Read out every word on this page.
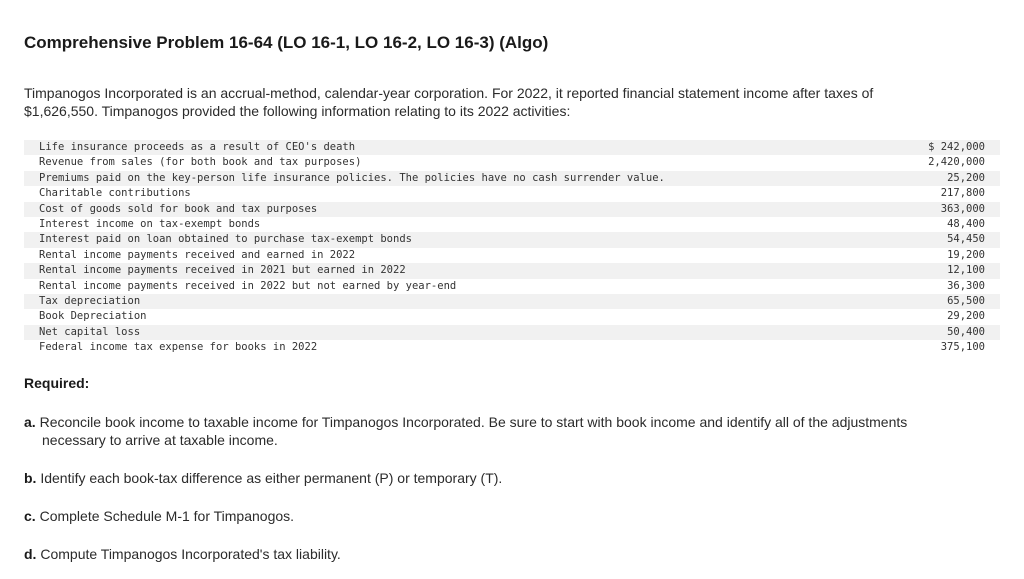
Comprehensive Problem 16-64 (LO 16-1, LO 16-2, LO 16-3) (Algo)
Timpanogos Incorporated is an accrual-method, calendar-year corporation. For 2022, it reported financial statement income after taxes of $1,626,550. Timpanogos provided the following information relating to its 2022 activities:
Life insurance proceeds as a result of CEO's death	$ 242,000
Revenue from sales (for both book and tax purposes)	2,420,000
Premiums paid on the key-person life insurance policies. The policies have no cash surrender value.	25,200
Charitable contributions	217,800
Cost of goods sold for book and tax purposes	363,000
Interest income on tax-exempt bonds	48,400
Interest paid on loan obtained to purchase tax-exempt bonds	54,450
Rental income payments received and earned in 2022	19,200
Rental income payments received in 2021 but earned in 2022	12,100
Rental income payments received in 2022 but not earned by year-end	36,300
Tax depreciation	65,500
Book Depreciation	29,200
Net capital loss	50,400
Federal income tax expense for books in 2022	375,100
Required:
a. Reconcile book income to taxable income for Timpanogos Incorporated. Be sure to start with book income and identify all of the adjustments necessary to arrive at taxable income.
b. Identify each book-tax difference as either permanent (P) or temporary (T).
c. Complete Schedule M-1 for Timpanogos.
d. Compute Timpanogos Incorporated's tax liability.
